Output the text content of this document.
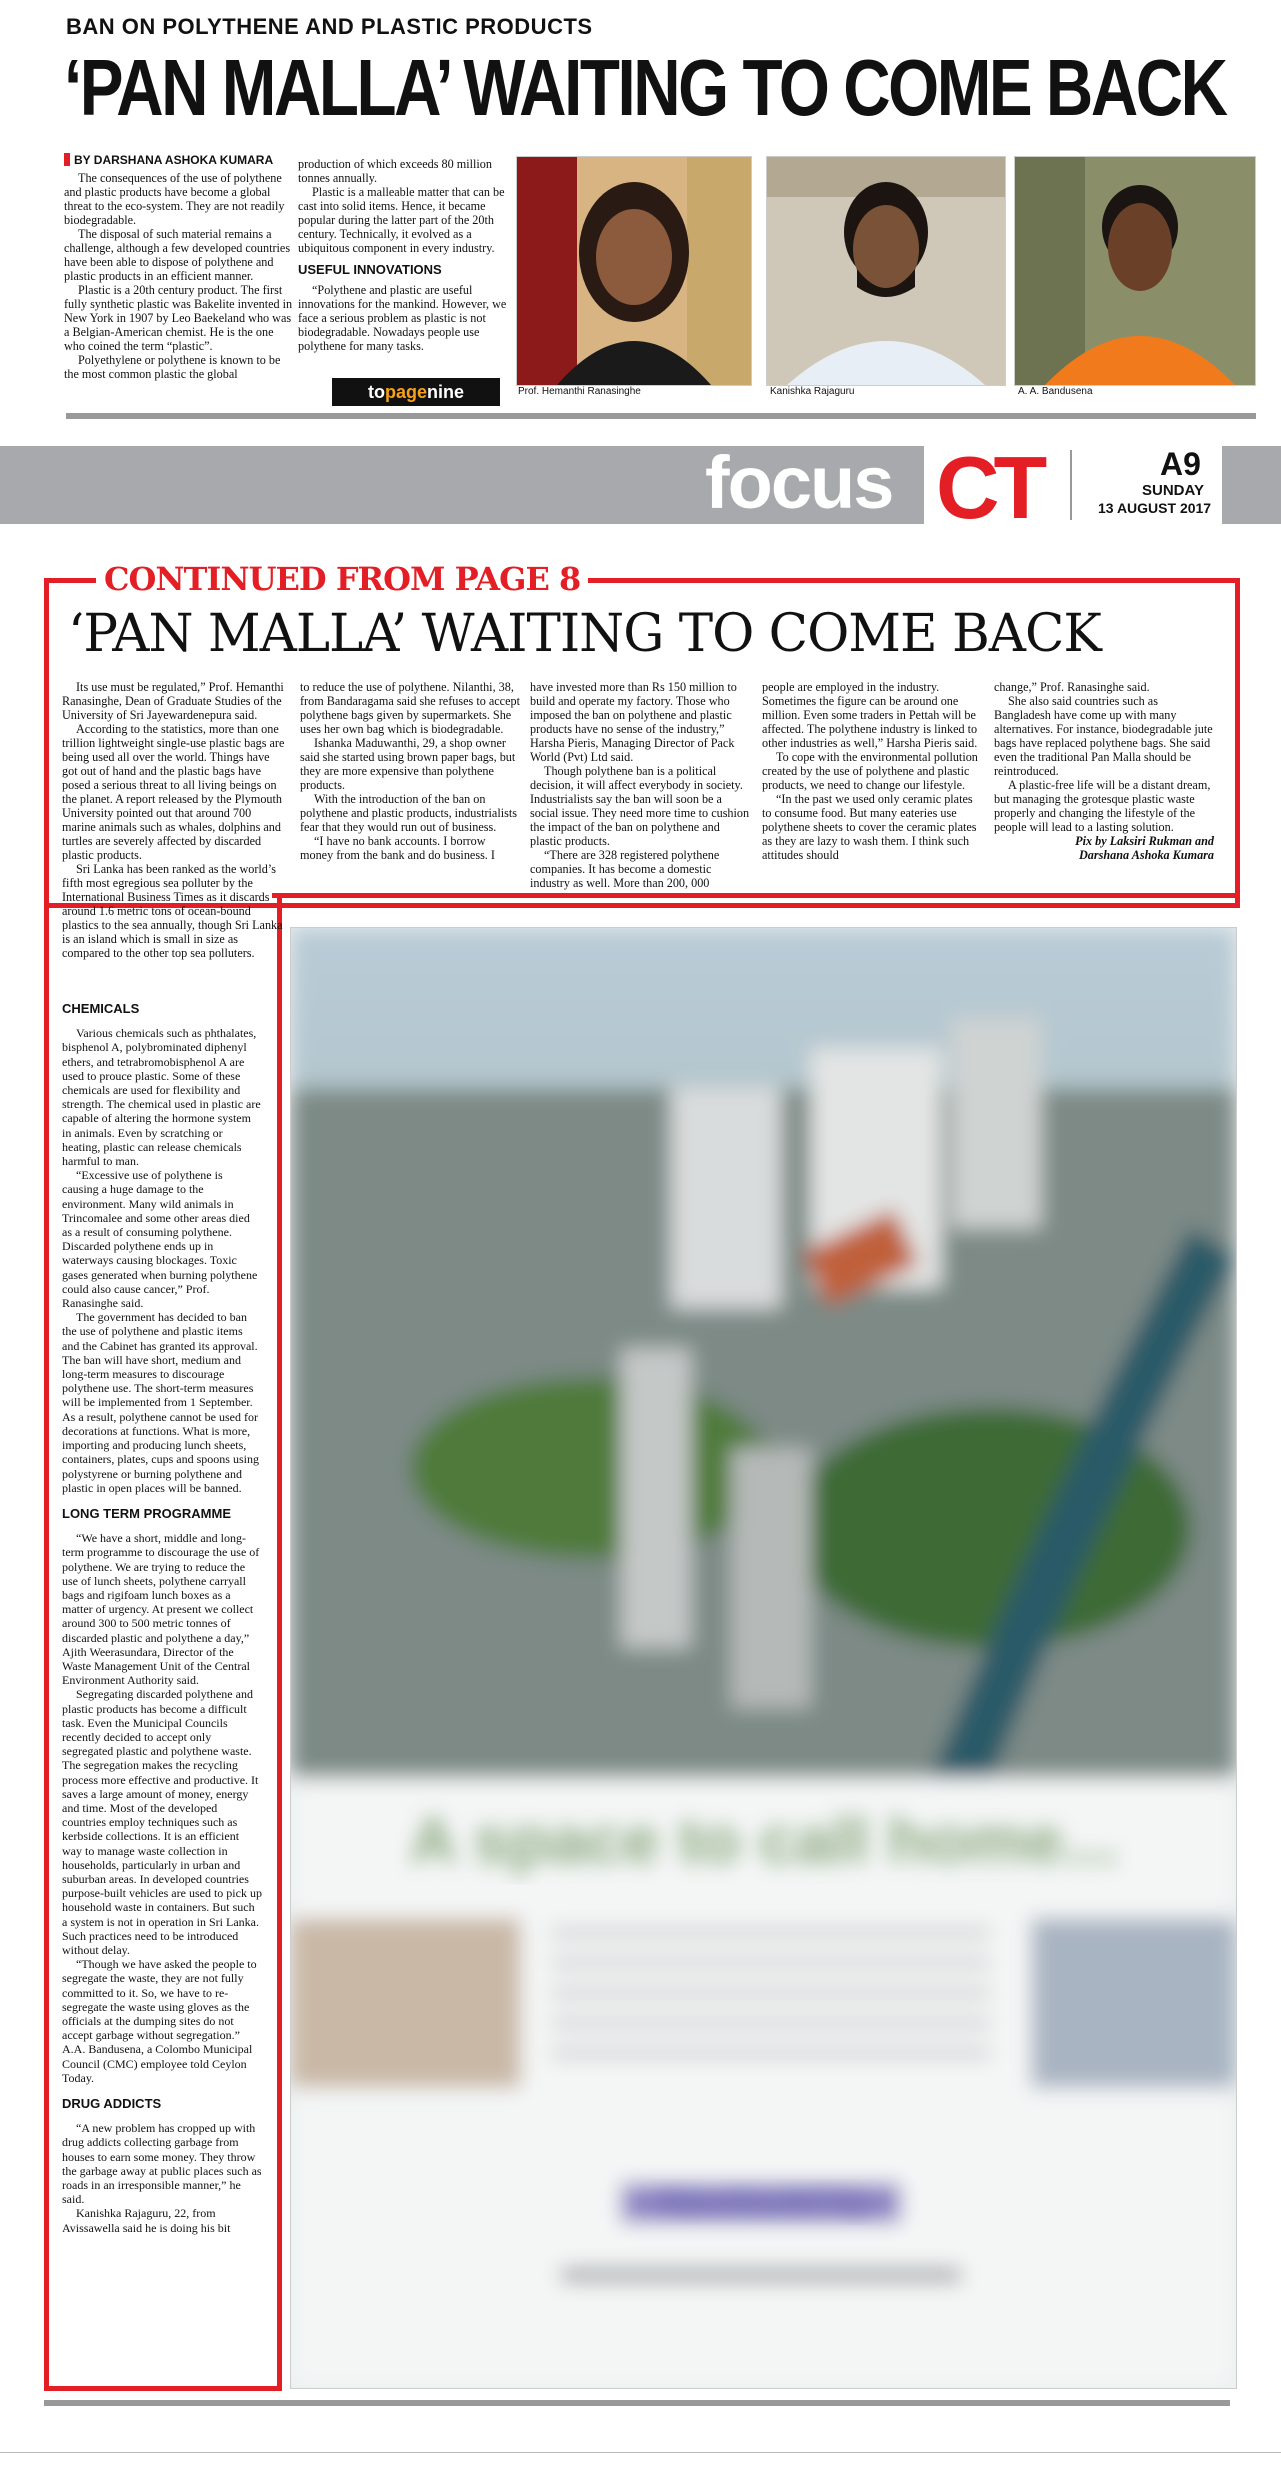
BAN ON POLYTHENE AND PLASTIC PRODUCTS
‘PAN MALLA’ WAITING TO COME BACK
BY DARSHANA ASHOKA KUMARA

The consequences of the use of polythene and plastic products have become a global threat to the eco-system. They are not readily biodegradable.

The disposal of such material remains a challenge, although a few developed countries have been able to dispose of polythene and plastic products in an efficient manner.

Plastic is a 20th century product. The first fully synthetic plastic was Bakelite invented in New York in 1907 by Leo Baekeland who was a Belgian-American chemist. He is the one who coined the term “plastic”.

Polyethylene or polythene is known to be the most common plastic the global

production of which exceeds 80 million tonnes annually.

Plastic is a malleable matter that can be cast into solid items. Hence, it became popular during the latter part of the 20th century. Technically, it evolved as a ubiquitous component in every industry.

USEFUL INNOVATIONS

“Polythene and plastic are useful innovations for the mankind. However, we face a serious problem as plastic is not biodegradable. Nowadays people use polythene for many tasks.

topagenine	Prof. Hemanthi Ranasinghe	Kanishka Rajaguru	A. A. Bandusena
focus CT	A9
SUNDAY
13 AUGUST 2017
CONTINUED FROM PAGE 8
‘PAN MALLA’ WAITING TO COME BACK

Its use must be regulated,” Prof. Hemanthi Ranasinghe, Dean of Graduate Studies of the University of Sri Jayewardenepura said.

According to the statistics, more than one trillion lightweight single-use plastic bags are being used all over the world. Things have got out of hand and the plastic bags have posed a serious threat to all living beings on the planet. A report released by the Plymouth University pointed out that around 700 marine animals such as whales, dolphins and turtles are severely affected by discarded plastic products.

Sri Lanka has been ranked as the world’s fifth most egregious sea polluter by the International Business Times as it discards around 1.6 metric tons of ocean-bound plastics to the sea annually, though Sri Lanka is an island which is small in size as compared to the other top sea polluters.

to reduce the use of polythene. Nilanthi, 38, from Bandaragama said she refuses to accept polythene bags given by supermarkets. She uses her own bag which is biodegradable.

Ishanka Maduwanthi, 29, a shop owner said she started using brown paper bags, but they are more expensive than polythene products.

With the introduction of the ban on polythene and plastic products, industrialists fear that they would run out of business.

“I have no bank accounts. I borrow money from the bank and do business. I

have invested more than Rs 150 million to build and operate my factory. Those who imposed the ban on polythene and plastic products have no sense of the industry,” Harsha Pieris, Managing Director of Pack World (Pvt) Ltd said.

Though polythene ban is a political decision, it will affect everybody in society. Industrialists say the ban will soon be a social issue. They need more time to cushion the impact of the ban on polythene and plastic products.

“There are 328 registered polythene companies. It has become a domestic industry as well. More than 200, 000

people are employed in the industry. Sometimes the figure can be around one million. Even some traders in Pettah will be affected. The polythene industry is linked to other industries as well,” Harsha Pieris said.

To cope with the environmental pollution created by the use of polythene and plastic products, we need to change our lifestyle.

“In the past we used only ceramic plates to consume food. But many eateries use polythene sheets to cover the ceramic plates as they are lazy to wash them. I think such attitudes should

change,” Prof. Ranasinghe said.

She also said countries such as Bangladesh have come up with many alternatives. For instance, biodegradable jute bags have replaced polythene bags. She said even the traditional Pan Malla should be reintroduced.

A plastic-free life will be a distant dream, but managing the grotesque plastic waste properly and changing the lifestyle of the people will lead to a lasting solution.

Pix by Laksiri Rukman and
Darshana Ashoka Kumara
CHEMICALS

Various chemicals such as phthalates, bisphenol A, polybrominated diphenyl ethers, and tetrabromobisphenol A are used to prouce plastic. Some of these chemicals are used for flexibility and strength. The chemical used in plastic are capable of altering the hormone system in animals. Even by scratching or heating, plastic can release chemicals harmful to man.

“Excessive use of polythene is causing a huge damage to the environment. Many wild animals in Trincomalee and some other areas died as a result of consuming polythene. Discarded polythene ends up in waterways causing blockages. Toxic gases generated when burning polythene could also cause cancer,” Prof. Ranasinghe said.

The government has decided to ban the use of polythene and plastic items and the Cabinet has granted its approval. The ban will have short, medium and long-term measures to discourage polythene use. The short-term measures will be implemented from 1 September. As a result, polythene cannot be used for decorations at functions. What is more, importing and producing lunch sheets, containers, plates, cups and spoons using polystyrene or burning polythene and plastic in open places will be banned.

LONG TERM PROGRAMME

“We have a short, middle and long-term programme to discourage the use of polythene. We are trying to reduce the use of lunch sheets, polythene carryall bags and rigifoam lunch boxes as a matter of urgency. At present we collect around 300 to 500 metric tonnes of discarded plastic and polythene a day,” Ajith Weerasundara, Director of the Waste Management Unit of the Central Environment Authority said.

Segregating discarded polythene and plastic products has become a difficult task. Even the Municipal Councils recently decided to accept only segregated plastic and polythene waste. The segregation makes the recycling process more effective and productive. It saves a large amount of money, energy and time. Most of the developed countries employ techniques such as kerbside collections. It is an efficient way to manage waste collection in households, particularly in urban and suburban areas. In developed countries purpose-built vehicles are used to pick up household waste in containers. But such a system is not in operation in Sri Lanka. Such practices need to be introduced without delay.

“Though we have asked the people to segregate the waste, they are not fully committed to it. So, we have to re-segregate the waste using gloves as the officials at the dumping sites do not accept garbage without segregation.” A.A. Bandusena, a Colombo Municipal Council (CMC) employee told Ceylon Today.

DRUG ADDICTS

“A new problem has cropped up with drug addicts collecting garbage from houses to earn some money. They throw the garbage away at public places such as roads in an irresponsible manner,” he said.

Kanishka Rajaguru, 22, from Avissawella said he is doing his bit

A space to call home...
HavelockCity
